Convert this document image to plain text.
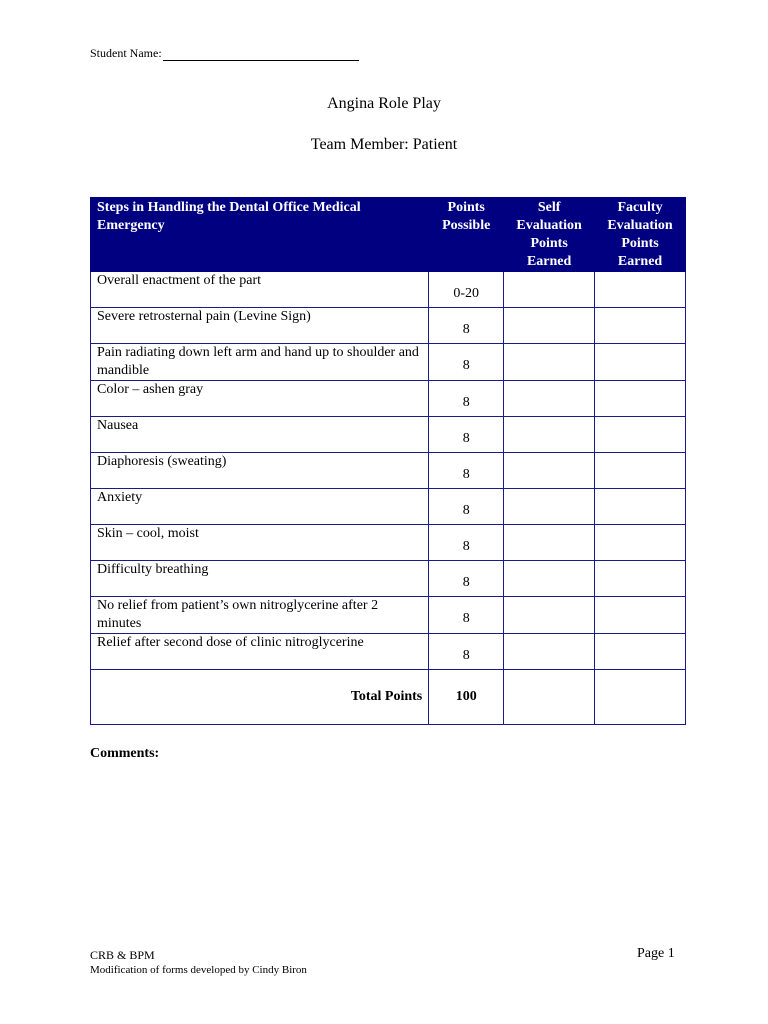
Student Name:
Angina Role Play
Team Member: Patient
Steps in Handling the Dental Office Medical Emergency	Points Possible	Self Evaluation Points Earned	Faculty Evaluation Points Earned
Overall enactment of the part	0-20		
Severe retrosternal pain (Levine Sign)	8		
Pain radiating down left arm and hand up to shoulder and mandible	8		
Color – ashen gray	8		
Nausea	8		
Diaphoresis (sweating)	8		
Anxiety	8		
Skin – cool, moist	8		
Difficulty breathing	8		
No relief from patient’s own nitroglycerine after 2 minutes	8		
Relief after second dose of clinic nitroglycerine	8		
Total Points	100		
Comments:
CRB & BPM
Modification of forms developed by Cindy Biron
Page 1
